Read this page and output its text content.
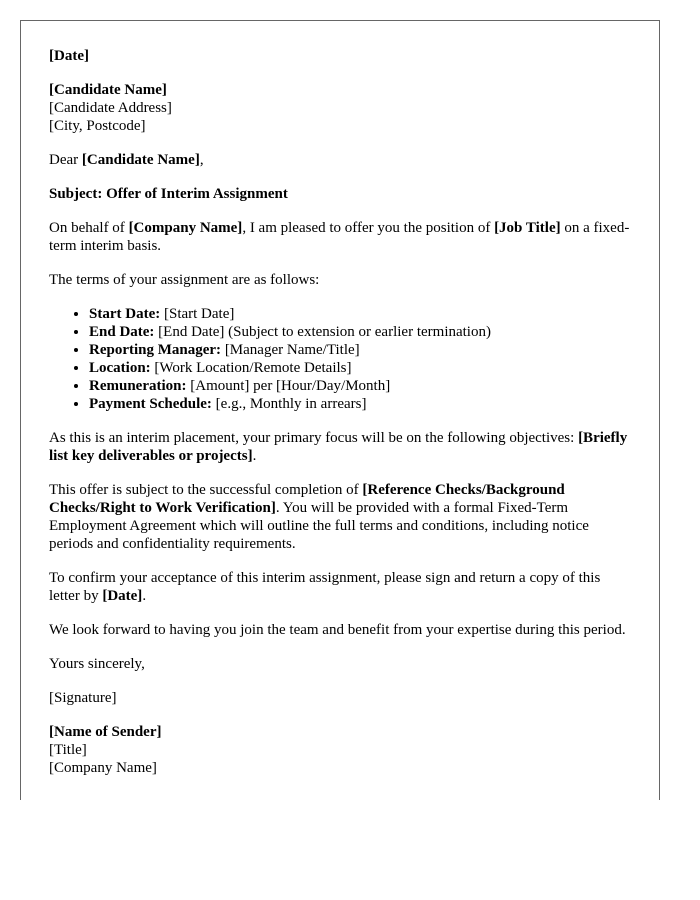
[Date]

[Candidate Name]
[Candidate Address]
[City, Postcode]

Dear [Candidate Name],

Subject: Offer of Interim Assignment

On behalf of [Company Name], I am pleased to offer you the position of [Job Title] on a fixed-term interim basis.

The terms of your assignment are as follows:

• Start Date: [Start Date]
• End Date: [End Date] (Subject to extension or earlier termination)
• Reporting Manager: [Manager Name/Title]
• Location: [Work Location/Remote Details]
• Remuneration: [Amount] per [Hour/Day/Month]
• Payment Schedule: [e.g., Monthly in arrears]

As this is an interim placement, your primary focus will be on the following objectives: [Briefly list key deliverables or projects].

This offer is subject to the successful completion of [Reference Checks/Background Checks/Right to Work Verification]. You will be provided with a formal Fixed-Term Employment Agreement which will outline the full terms and conditions, including notice periods and confidentiality requirements.

To confirm your acceptance of this interim assignment, please sign and return a copy of this letter by [Date].

We look forward to having you join the team and benefit from your expertise during this period.

Yours sincerely,

[Signature]

[Name of Sender]
[Title]
[Company Name]
